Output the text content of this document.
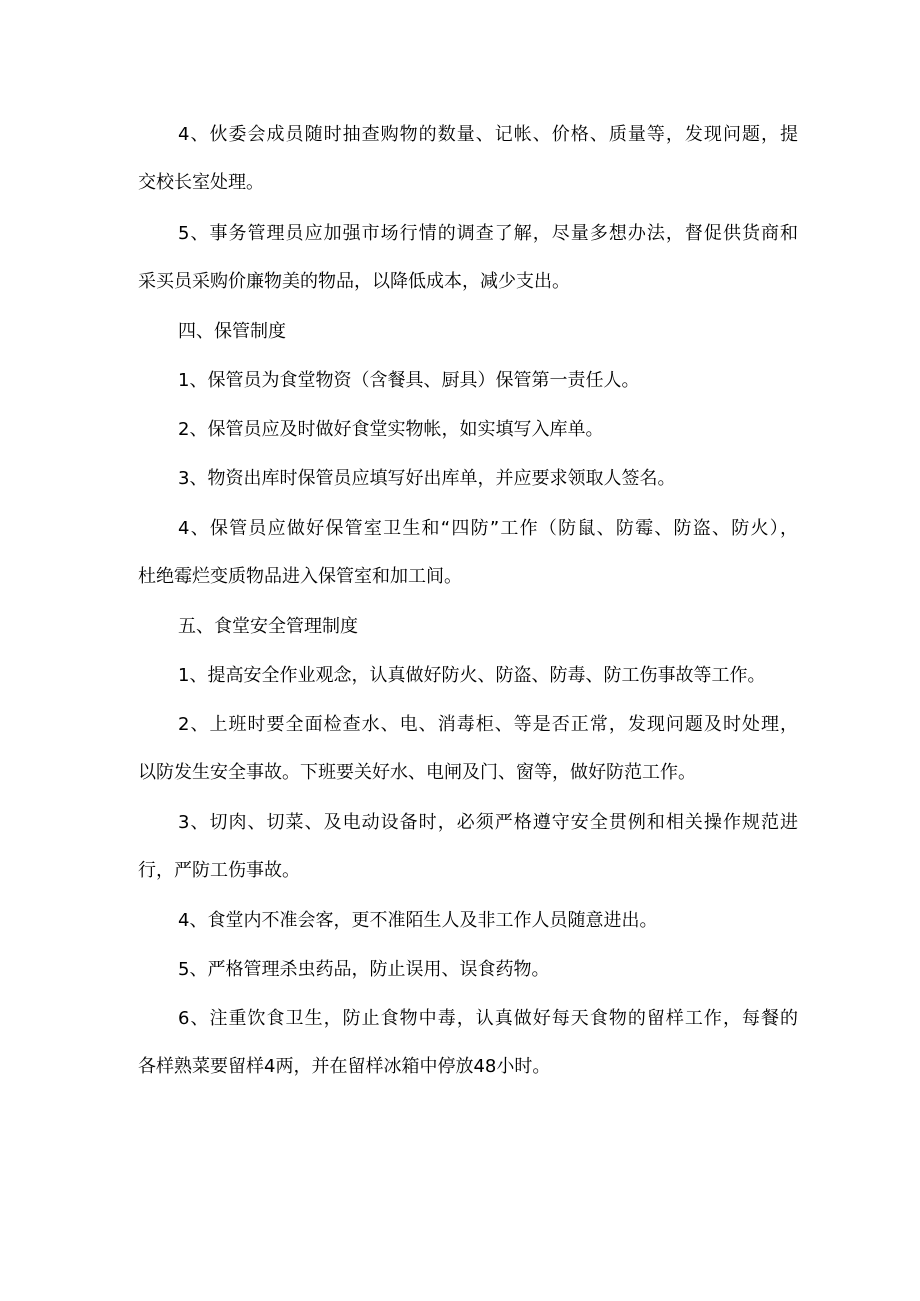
4、伙委会成员随时抽查购物的数量、记帐、价格、质量等，发现问题，提
交校长室处理。
5、事务管理员应加强市场行情的调查了解，尽量多想办法，督促供货商和
采买员采购价廉物美的物品，以降低成本，减少支出。
四、保管制度
1、保管员为食堂物资（含餐具、厨具）保管第一责任人。
2、保管员应及时做好食堂实物帐，如实填写入库单。
3、物资出库时保管员应填写好出库单，并应要求领取人签名。
4、保管员应做好保管室卫生和“四防”工作（防鼠、防霉、防盗、防火），
杜绝霉烂变质物品进入保管室和加工间。
五、食堂安全管理制度
1、提高安全作业观念，认真做好防火、防盗、防毒、防工伤事故等工作。
2、上班时要全面检查水、电、消毒柜、等是否正常，发现问题及时处理，
以防发生安全事故。下班要关好水、电闸及门、窗等，做好防范工作。
3、切肉、切菜、及电动设备时，必须严格遵守安全贯例和相关操作规范进
行，严防工伤事故。
4、食堂内不准会客，更不准陌生人及非工作人员随意进出。
5、严格管理杀虫药品，防止误用、误食药物。
6、注重饮食卫生，防止食物中毒，认真做好每天食物的留样工作，每餐的
各样熟菜要留样4两，并在留样冰箱中停放48小时。
